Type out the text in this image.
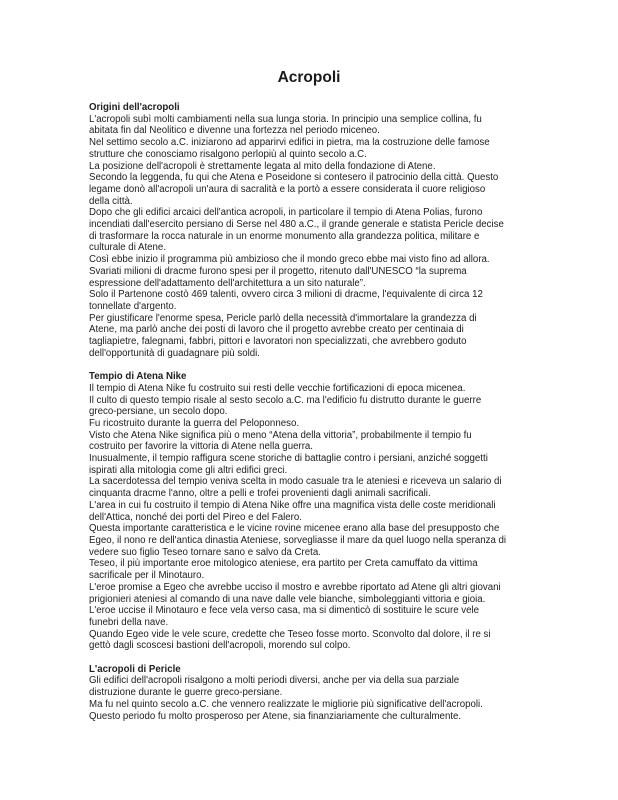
Acropoli
Origini dell'acropoli
L'acropoli subì molti cambiamenti nella sua lunga storia. In principio una semplice collina, fu
abitata fin dal Neolitico e divenne una fortezza nel periodo miceneo.
Nel settimo secolo a.C. iniziarono ad apparirvi edifici in pietra, ma la costruzione delle famose
strutture che conosciamo risalgono perlopiù al quinto secolo a.C.
La posizione dell'acropoli è strettamente legata al mito della fondazione di Atene.
Secondo la leggenda, fu qui che Atena e Poseidone si contesero il patrocinio della città. Questo
legame donò all'acropoli un'aura di sacralità e la portò a essere considerata il cuore religioso
della città.
Dopo che gli edifici arcaici dell'antica acropoli, in particolare il tempio di Atena Polias, furono
incendiati dall'esercito persiano di Serse nel 480 a.C., il grande generale e statista Pericle decise
di trasformare la rocca naturale in un enorme monumento alla grandezza politica, militare e
culturale di Atene.
Così ebbe inizio il programma più ambizioso che il mondo greco ebbe mai visto fino ad allora.
Svariati milioni di dracme furono spesi per il progetto, ritenuto dall'UNESCO “la suprema
espressione dell'adattamento dell'architettura a un sito naturale”.
Solo il Partenone costò 469 talenti, ovvero circa 3 milioni di dracme, l'equivalente di circa 12
tonnellate d'argento.
Per giustificare l'enorme spesa, Pericle parlò della necessità d'immortalare la grandezza di
Atene, ma parlò anche dei posti di lavoro che il progetto avrebbe creato per centinaia di
tagliapietre, falegnami, fabbri, pittori e lavoratori non specializzati, che avrebbero goduto
dell'opportunità di guadagnare più soldi.
Tempio di Atena Nike
Il tempio di Atena Nike fu costruito sui resti delle vecchie fortificazioni di epoca micenea.
Il culto di questo tempio risale al sesto secolo a.C. ma l'edificio fu distrutto durante le guerre
greco-persiane, un secolo dopo.
Fu ricostruito durante la guerra del Peloponneso.
Visto che Atena Nike significa più o meno “Atena della vittoria”, probabilmente il tempio fu
costruito per favorire la vittoria di Atene nella guerra.
Inusualmente, il tempio raffigura scene storiche di battaglie contro i persiani, anziché soggetti
ispirati alla mitologia come gli altri edifici greci.
La sacerdotessa del tempio veniva scelta in modo casuale tra le ateniesi e riceveva un salario di
cinquanta dracme l'anno, oltre a pelli e trofei provenienti dagli animali sacrificali.
L'area in cui fu costruito il tempio di Atena Nike offre una magnifica vista delle coste meridionali
dell'Attica, nonché dei porti del Pireo e del Falero.
Questa importante caratteristica e le vicine rovine micenee erano alla base del presupposto che
Egeo, il nono re dell'antica dinastia Ateniese, sorvegliasse il mare da quel luogo nella speranza di
vedere suo figlio Teseo tornare sano e salvo da Creta.
Teseo, il più importante eroe mitologico ateniese, era partito per Creta camuffato da vittima
sacrificale per il Minotauro.
L'eroe promise a Egeo che avrebbe ucciso il mostro e avrebbe riportato ad Atene gli altri giovani
prigionieri ateniesi al comando di una nave dalle vele bianche, simboleggianti vittoria e gioia.
L'eroe uccise il Minotauro e fece vela verso casa, ma si dimenticò di sostituire le scure vele
funebri della nave.
Quando Egeo vide le vele scure, credette che Teseo fosse morto. Sconvolto dal dolore, il re si
gettò dagli scoscesi bastioni dell'acropoli, morendo sul colpo.
L'acropoli di Pericle
Gli edifici dell'acropoli risalgono a molti periodi diversi, anche per via della sua parziale
distruzione durante le guerre greco-persiane.
Ma fu nel quinto secolo a.C. che vennero realizzate le migliorie più significative dell'acropoli.
Questo periodo fu molto prosperoso per Atene, sia finanziariamente che culturalmente.
